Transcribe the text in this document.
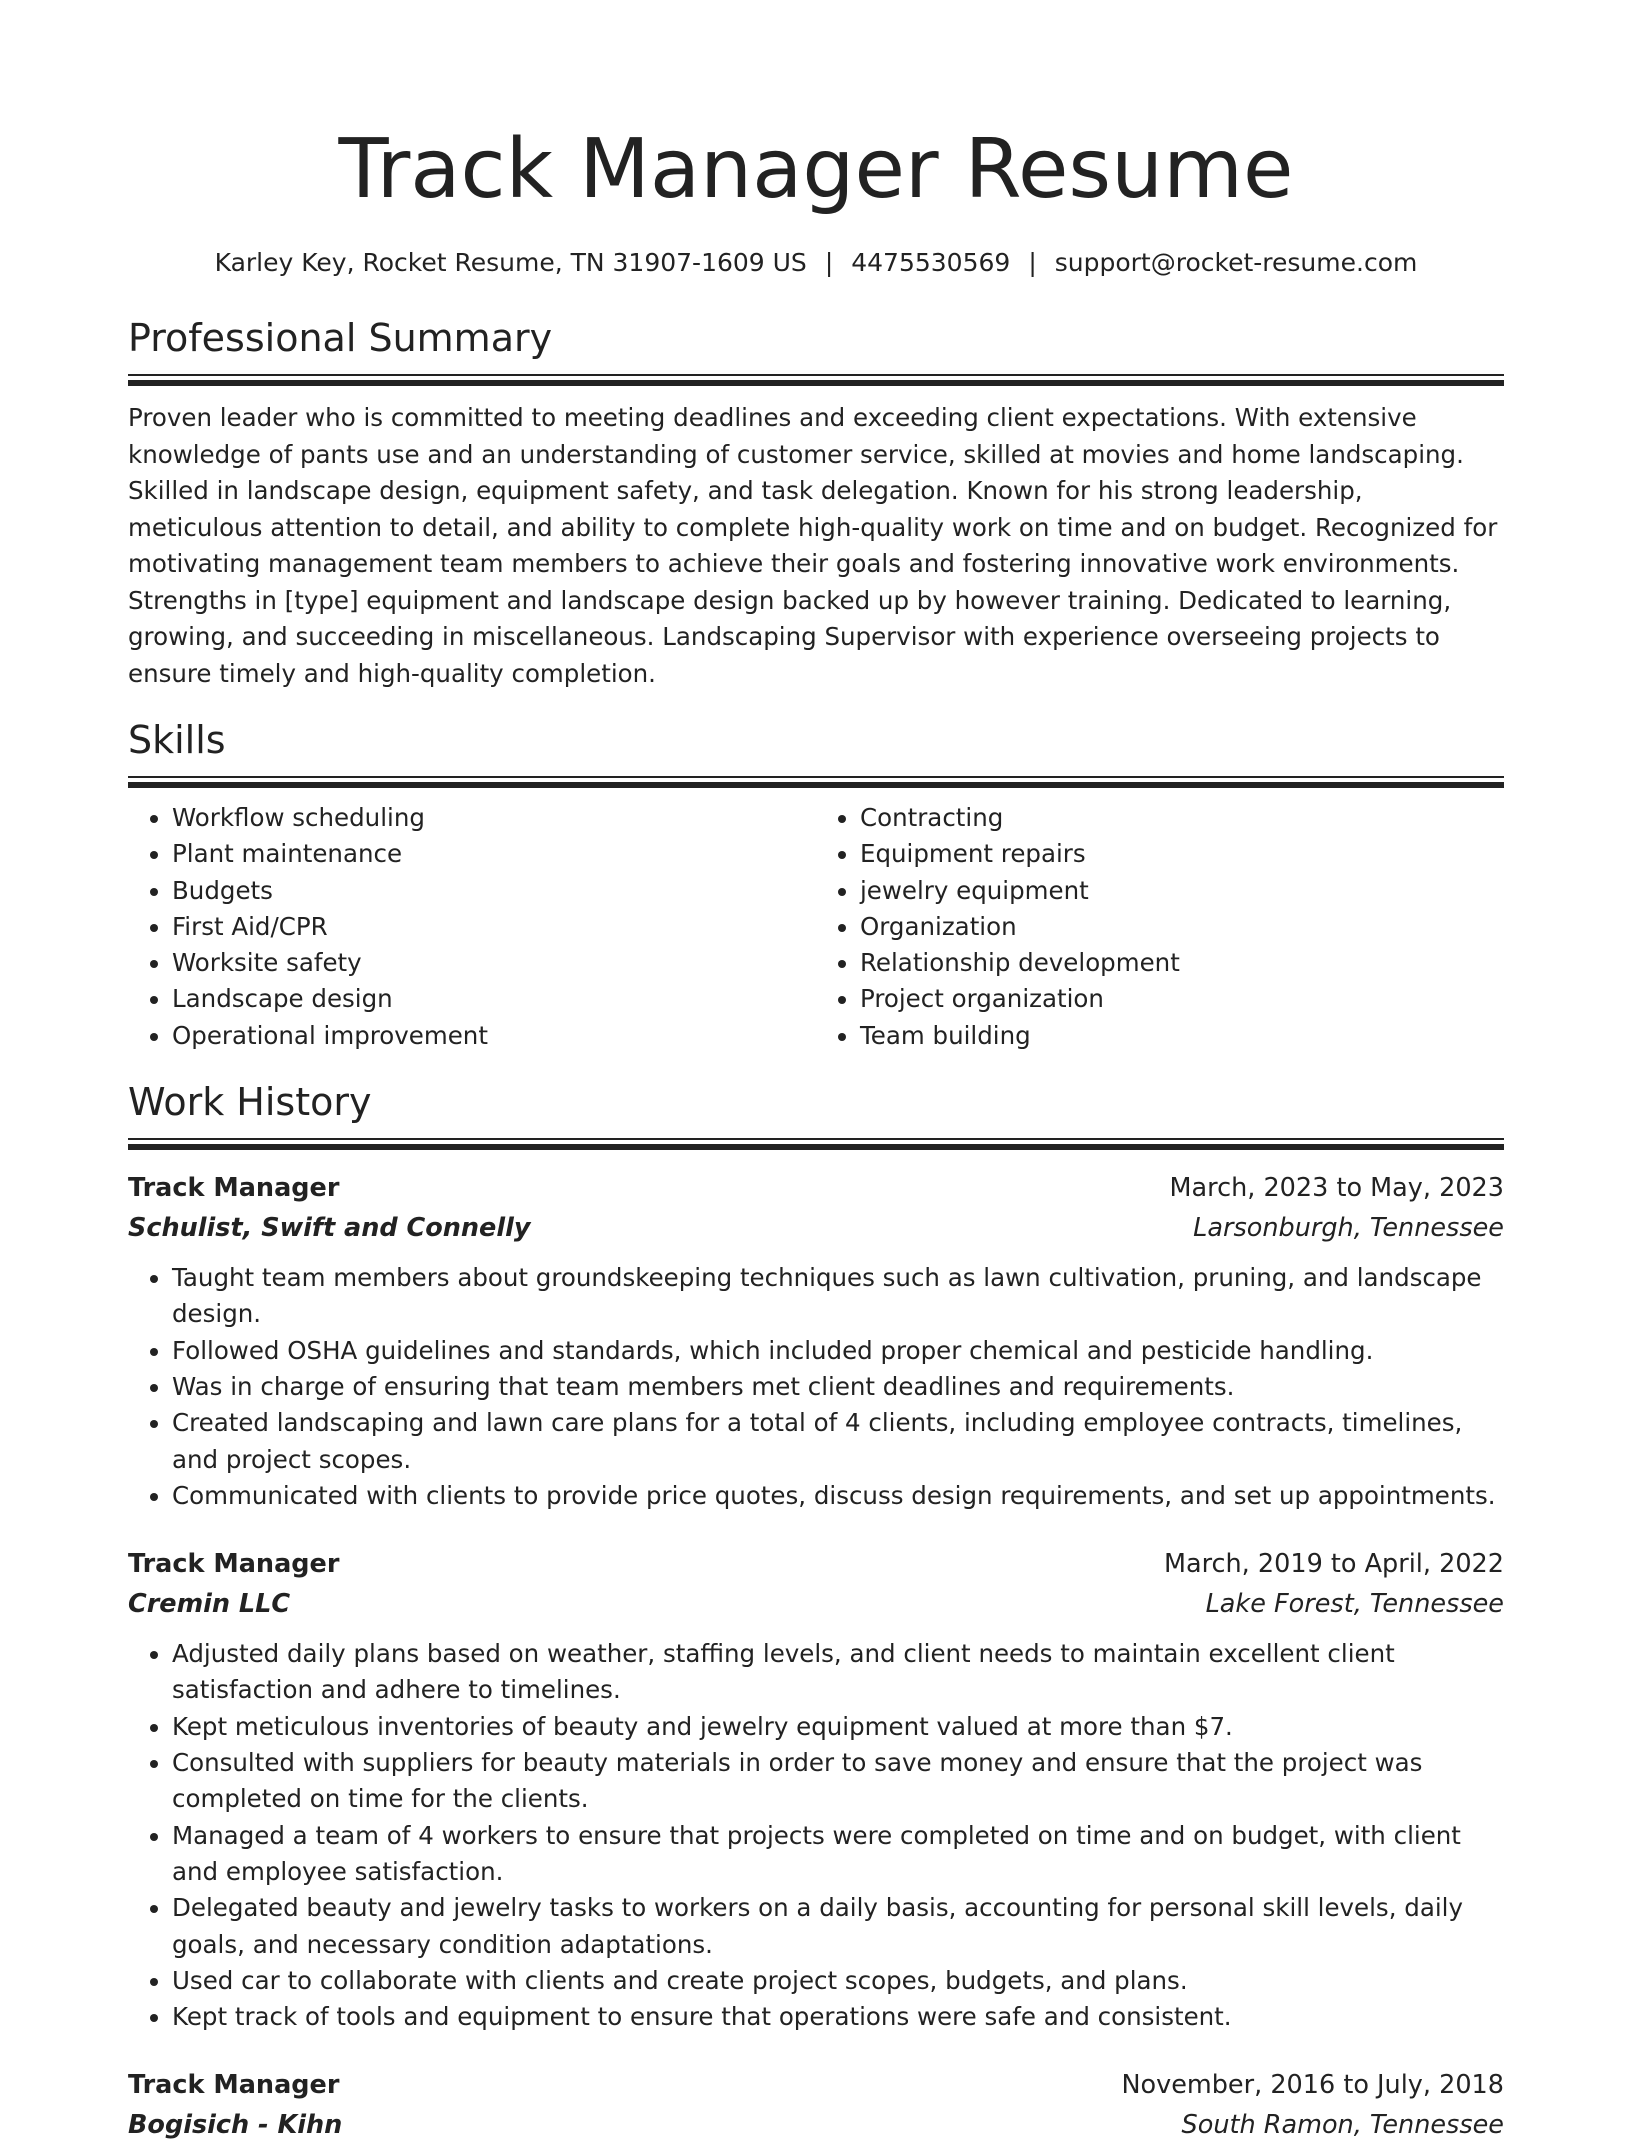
Track Manager Resume
Karley Key, Rocket Resume, TN 31907-1609 US | 4475530569 | support@rocket-resume.com
Professional Summary

Proven leader who is committed to meeting deadlines and exceeding client expectations. With extensive knowledge of pants use and an understanding of customer service, skilled at movies and home landscaping. Skilled in landscape design, equipment safety, and task delegation. Known for his strong leadership, meticulous attention to detail, and ability to complete high-quality work on time and on budget. Recognized for motivating management team members to achieve their goals and fostering innovative work environments. Strengths in [type] equipment and landscape design backed up by however training. Dedicated to learning, growing, and succeeding in miscellaneous. Landscaping Supervisor with experience overseeing projects to ensure timely and high-quality completion.

Skills
• Workflow scheduling
• Plant maintenance
• Budgets
• First Aid/CPR
• Worksite safety
• Landscape design
• Operational improvement
• Contracting
• Equipment repairs
• jewelry equipment
• Organization
• Relationship development
• Project organization
• Team building
Work History
Track Manager	March, 2023 to May, 2023
Schulist, Swift and Connelly	Larsonburgh, Tennessee
• Taught team members about groundskeeping techniques such as lawn cultivation, pruning, and landscape design.
• Followed OSHA guidelines and standards, which included proper chemical and pesticide handling.
• Was in charge of ensuring that team members met client deadlines and requirements.
• Created landscaping and lawn care plans for a total of 4 clients, including employee contracts, timelines, and project scopes.
• Communicated with clients to provide price quotes, discuss design requirements, and set up appointments.
Track Manager	March, 2019 to April, 2022
Cremin LLC	Lake Forest, Tennessee
• Adjusted daily plans based on weather, staffing levels, and client needs to maintain excellent client satisfaction and adhere to timelines.
• Kept meticulous inventories of beauty and jewelry equipment valued at more than $7.
• Consulted with suppliers for beauty materials in order to save money and ensure that the project was completed on time for the clients.
• Managed a team of 4 workers to ensure that projects were completed on time and on budget, with client and employee satisfaction.
• Delegated beauty and jewelry tasks to workers on a daily basis, accounting for personal skill levels, daily goals, and necessary condition adaptations.
• Used car to collaborate with clients and create project scopes, budgets, and plans.
• Kept track of tools and equipment to ensure that operations were safe and consistent.
Track Manager	November, 2016 to July, 2018
Bogisich - Kihn	South Ramon, Tennessee
